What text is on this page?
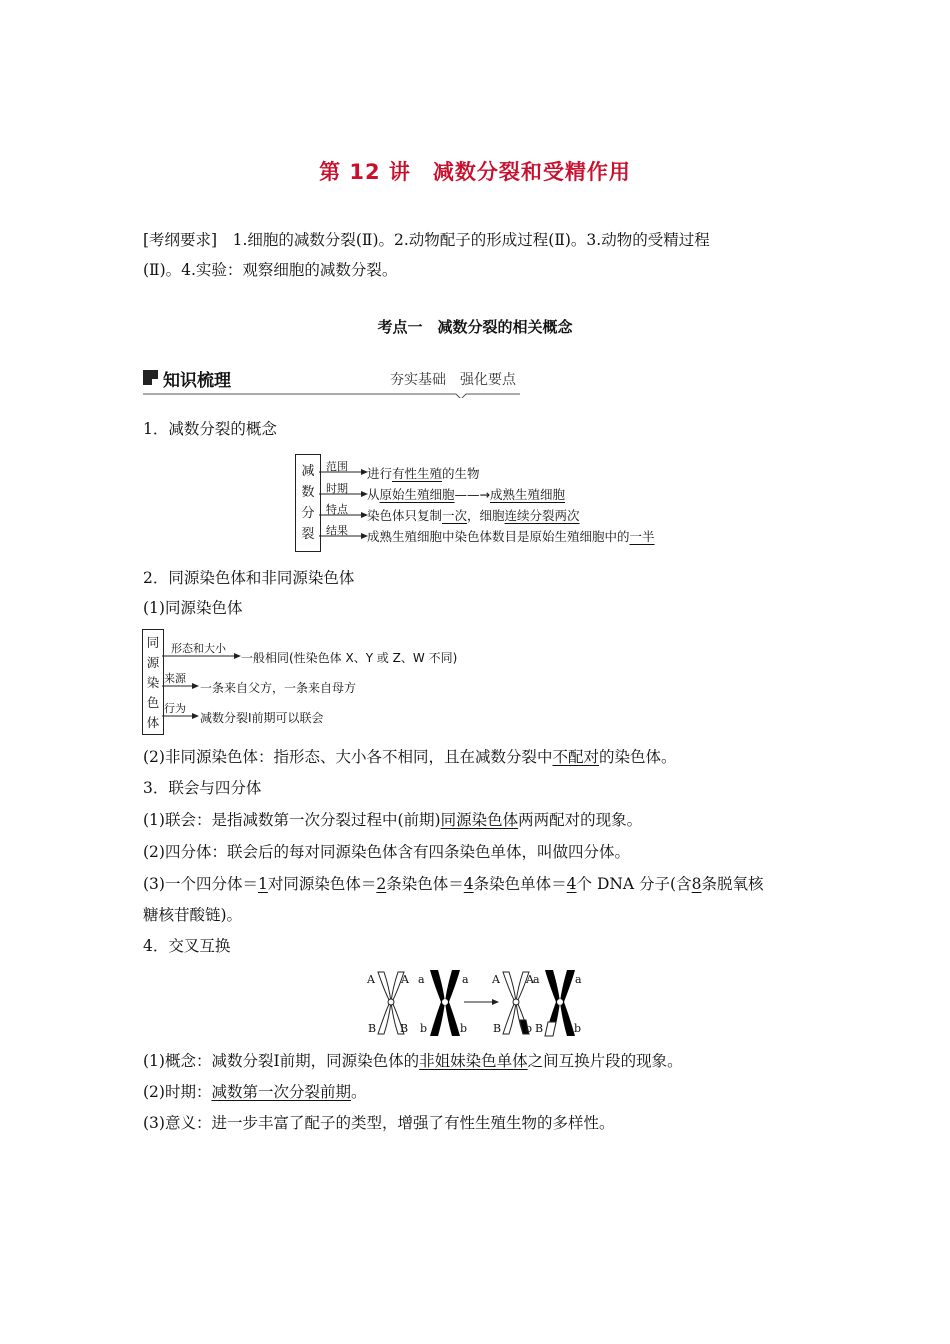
第 12 讲　减数分裂和受精作用
[考纲要求]　1.细胞的减数分裂(Ⅱ)。2.动物配子的形成过程(Ⅱ)。3.动物的受精过程
(Ⅱ)。4.实验：观察细胞的减数分裂。
考点一　减数分裂的相关概念
知识梳理	夯实基础　强化要点
1．减数分裂的概念
减
数
分
裂
范围
时期
特点
结果
进行有性生殖的生物
从原始生殖细胞——→成熟生殖细胞
染色体只复制一次，细胞连续分裂两次
成熟生殖细胞中染色体数目是原始生殖细胞中的一半
2．同源染色体和非同源染色体
(1)同源染色体
同
源
染
色
体
形态和大小
来源
行为
一般相同(性染色体 X、Y 或 Z、W 不同)
一条来自父方，一条来自母方
减数分裂Ⅰ前期可以联会
(2)非同源染色体：指形态、大小各不相同，且在减数分裂中不配对的染色体。
3．联会与四分体
(1)联会：是指减数第一次分裂过程中(前期)同源染色体两两配对的现象。
(2)四分体：联会后的每对同源染色体含有四条染色单体，叫做四分体。
(3)一个四分体＝1对同源染色体＝2条染色体＝4条染色单体＝4个 DNA 分子(含8条脱氧核
糖核苷酸链)。
4．交叉互换
A A
B B
a	a
b	b
A A
B b
a	a
B	b
(1)概念：减数分裂Ⅰ前期，同源染色体的非姐妹染色单体之间互换片段的现象。
(2)时期：减数第一次分裂前期。
(3)意义：进一步丰富了配子的类型，增强了有性生殖生物的多样性。
